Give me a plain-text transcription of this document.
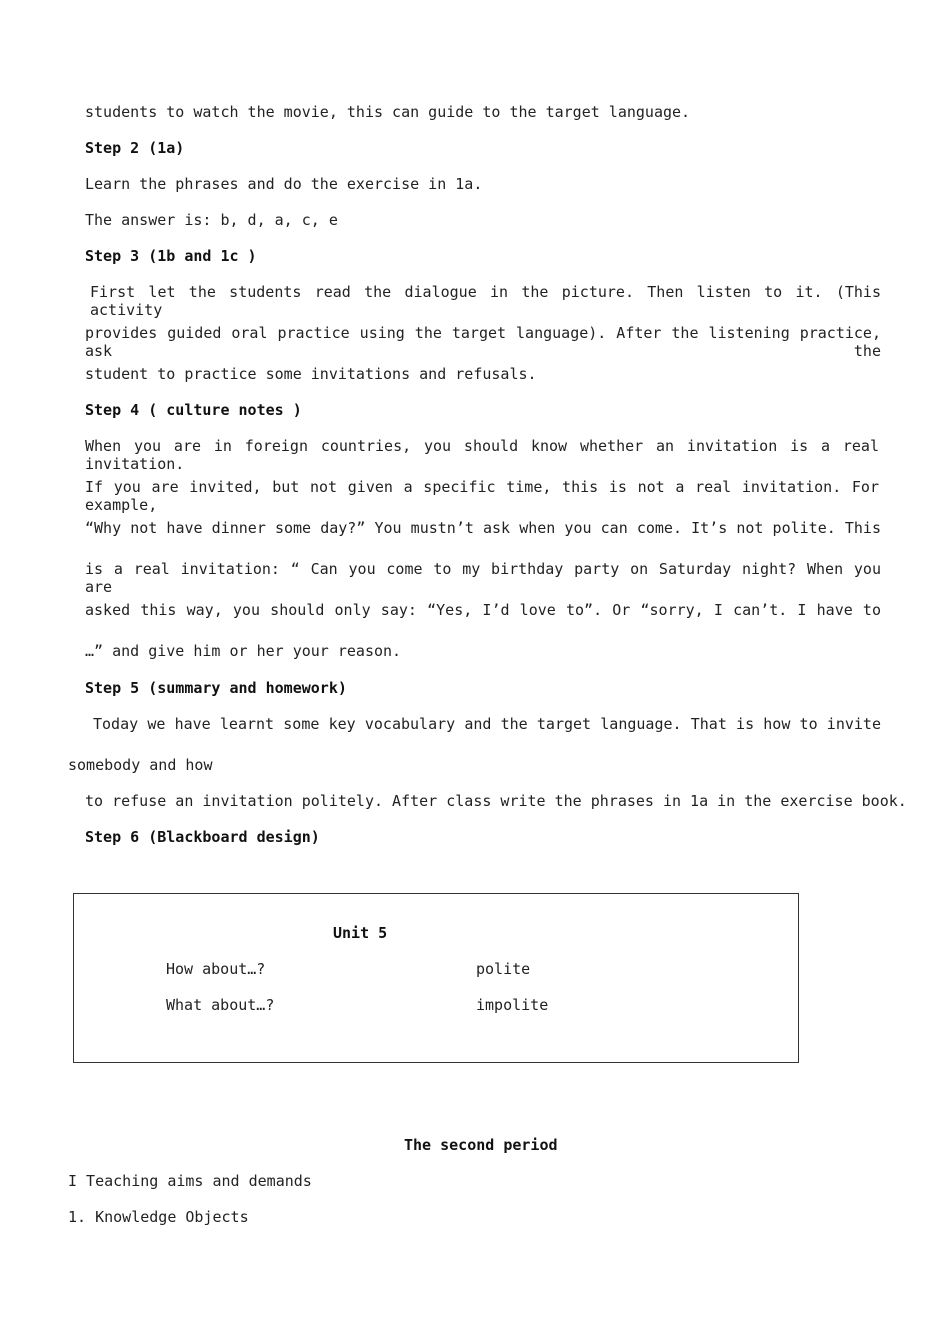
students to watch the movie, this can guide to the target language.
Step 2 (1a)
Learn the phrases and do the exercise in 1a.
The answer is: b, d, a, c, e
Step 3 (1b and 1c )
First let the students read the dialogue in the picture. Then listen to it. (This activity
provides guided oral practice using the target language). After the listening practice, ask the
student to practice some invitations and refusals.
Step 4 ( culture notes )
When you are in foreign countries, you should know whether an invitation is a real invitation.
If you are invited, but not given a specific time, this is not a real invitation. For example,
“Why not have dinner some day?” You mustn’t ask when you can come. It’s not polite. This
is a real invitation: “ Can you come to my birthday party on Saturday night? When you are
asked this way, you should only say: “Yes, I’d love to”. Or “sorry, I can’t. I have to
…” and give him or her your reason.
Step 5 (summary and homework)
Today we have learnt some key vocabulary and the target language. That is how to invite
somebody and how
to refuse an invitation politely. After class write the phrases in 1a in the exercise book.
Step 6 (Blackboard design)
Unit 5
How about…?	polite
What about…?	impolite
The second period
I Teaching aims and demands
1. Knowledge Objects
